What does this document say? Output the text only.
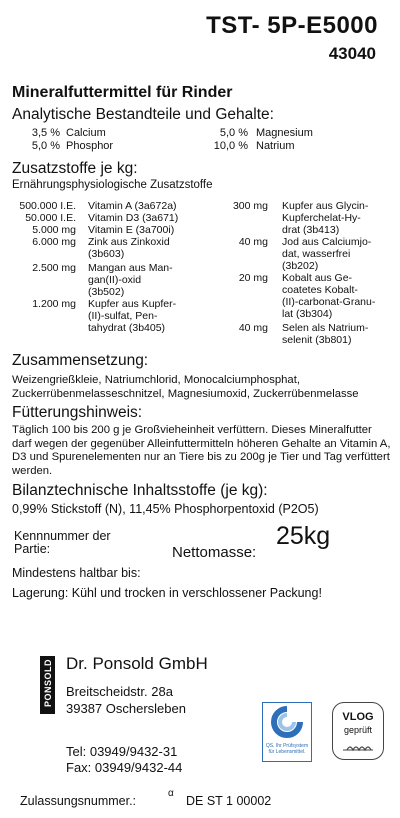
TST- 5P-E5000
43040
Mineralfuttermittel für Rinder
Analytische Bestandteile und Gehalte:
3,5 % Calcium
5,0 % Phosphor
5,0 % Magnesium
10,0 % Natrium
Zusatzstoffe je kg:
Ernährungsphysiologische Zusatzstoffe
500.000 I.E. Vitamin A (3a672a)
50.000 I.E. Vitamin D3 (3a671)
5.000 mg Vitamin E (3a700i)
6.000 mg Zink aus Zinkoxid
(3b603)
2.500 mg Mangan aus Man-
gan(II)-oxid
(3b502)
1.200 mg Kupfer aus Kupfer-
(II)-sulfat, Pen-
tahydrat (3b405)
300 mg Kupfer aus Glycin-
Kupferchelat-Hy-
drat (3b413)
40 mg Jod aus Calciumjo-
dat, wasserfrei
(3b202)
20 mg Kobalt aus Ge-
coatetes Kobalt-
(II)-carbonat-Granu-
lat (3b304)
40 mg Selen als Natrium-
selenit (3b801)
Zusammensetzung:
Weizengrießkleie, Natriumchlorid, Monocalciumphosphat, Zuckerrübenmelasseschnitzel, Magnesiumoxid, Zuckerrübenmelasse
Fütterungshinweis:
Täglich 100 bis 200 g je Großvieheinheit verfüttern. Dieses Mineralfutter darf wegen der gegenüber Alleinfuttermitteln höheren Gehalte an Vitamin A, D3 und Spurenelementen nur an Tiere bis zu 200g je Tier und Tag verfüttert werden.
Bilanztechnische Inhaltsstoffe (je kg):
0,99% Stickstoff (N), 11,45% Phosphorpentoxid (P2O5)
Kennnummer der
Partie:	Nettomasse:
25kg
Mindestens haltbar bis:
Lagerung: Kühl und trocken in verschlossener Packung!
PONSOLD Dr. Ponsold GmbH
Breitscheidstr. 28a
39387 Oschersleben
Tel: 03949/9432-31
Fax: 03949/9432-44
QS. Ihr Prüfsystem für Lebensmittel.
VLOG
geprüft
Zulassungsnummer.:
α
DE ST 1 00002
